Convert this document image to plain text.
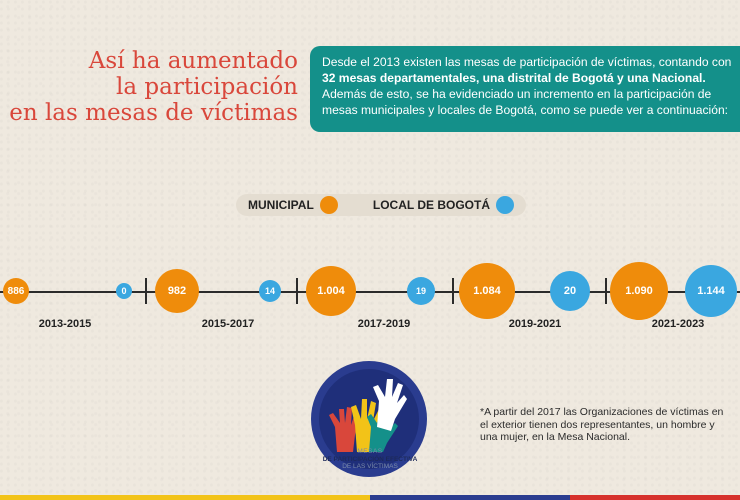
Así ha aumentado
la participación
en las mesas de víctimas
Desde el 2013 existen las mesas de participación de víctimas, contando con 32 mesas departamentales, una distrital de Bogotá y una Nacional. Además de esto, se ha evidenciado un incremento en la participación de mesas municipales y locales de Bogotá, como se puede ver a continuación:
MUNICIPAL	LOCAL DE BOGOTÁ
886	0
2013-2015
982	14
2015-2017
1.004	19
2017-2019
1.084	20
2019-2021
1.090	1.144
2021-2023
MESAS
DE PARTICIPACIÓN EFECTIVA
DE LAS VÍCTIMAS
*A partir del 2017 las Organizaciones de víctimas en el exterior tienen dos representantes, un hombre y una mujer, en la Mesa Nacional.
